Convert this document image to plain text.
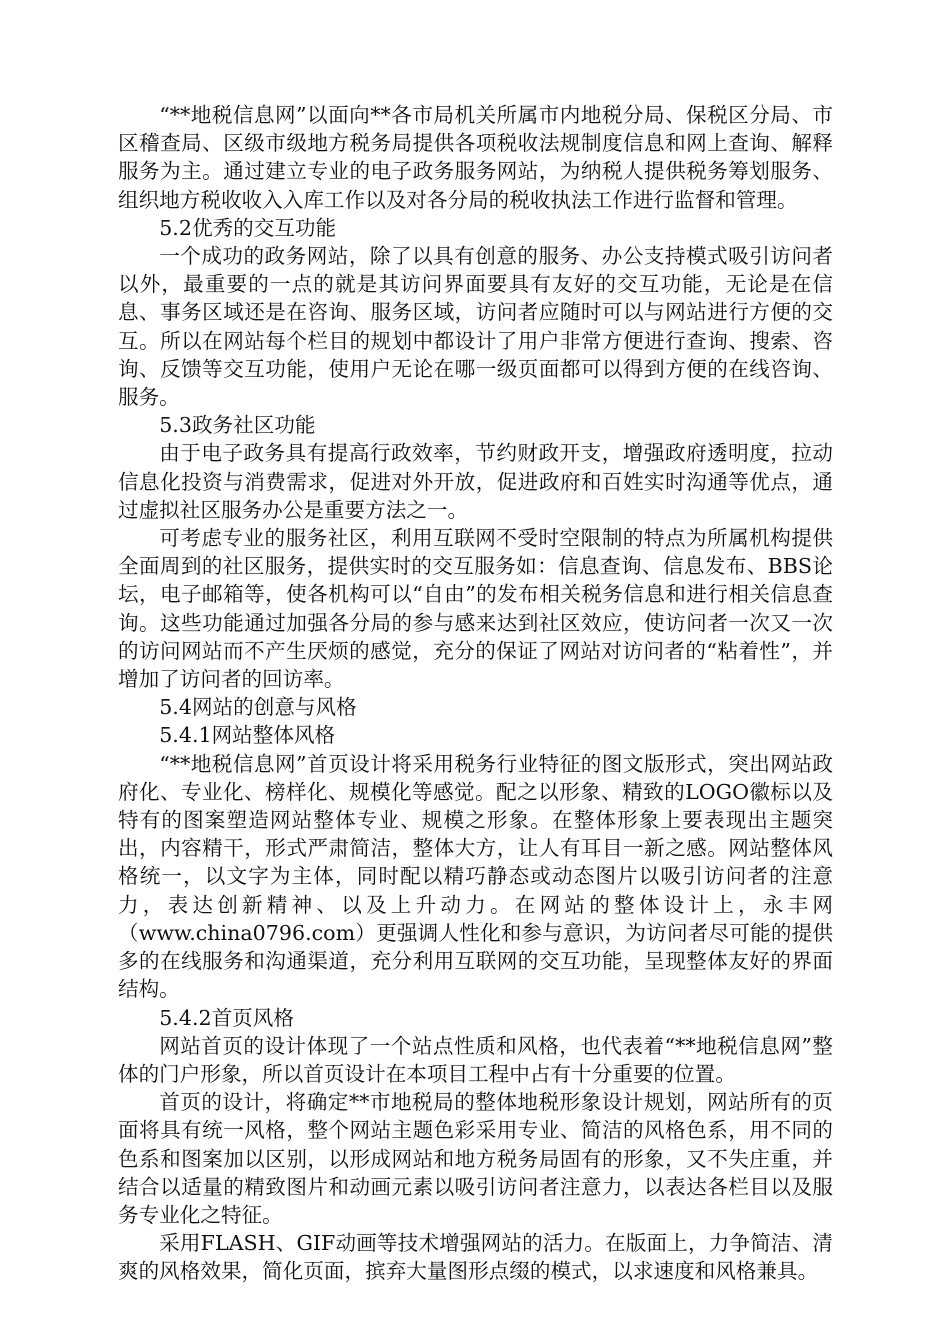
“**地税信息网”以面向**各市局机关所属市内地税分局、保税区分局、市区稽查局、区级市级地方税务局提供各项税收法规制度信息和网上查询、解释服务为主。通过建立专业的电子政务服务网站，为纳税人提供税务筹划服务、组织地方税收收入入库工作以及对各分局的税收执法工作进行监督和管理。

5.2优秀的交互功能

一个成功的政务网站，除了以具有创意的服务、办公支持模式吸引访问者以外，最重要的一点的就是其访问界面要具有友好的交互功能，无论是在信息、事务区域还是在咨询、服务区域，访问者应随时可以与网站进行方便的交互。所以在网站每个栏目的规划中都设计了用户非常方便进行查询、搜索、咨询、反馈等交互功能，使用户无论在哪一级页面都可以得到方便的在线咨询、服务。

5.3政务社区功能

由于电子政务具有提高行政效率，节约财政开支，增强政府透明度，拉动信息化投资与消费需求，促进对外开放，促进政府和百姓实时沟通等优点，通过虚拟社区服务办公是重要方法之一。

可考虑专业的服务社区，利用互联网不受时空限制的特点为所属机构提供全面周到的社区服务，提供实时的交互服务如：信息查询、信息发布、BBS论坛，电子邮箱等，使各机构可以“自由”的发布相关税务信息和进行相关信息查询。这些功能通过加强各分局的参与感来达到社区效应，使访问者一次又一次的访问网站而不产生厌烦的感觉，充分的保证了网站对访问者的“粘着性”，并增加了访问者的回访率。

5.4网站的创意与风格

5.4.1网站整体风格

“**地税信息网”首页设计将采用税务行业特征的图文版形式，突出网站政府化、专业化、榜样化、规模化等感觉。配之以形象、精致的LOGO徽标以及特有的图案塑造网站整体专业、规模之形象。在整体形象上要表现出主题突出，内容精干，形式严肃简洁，整体大方，让人有耳目一新之感。网站整体风格统一，以文字为主体，同时配以精巧静态或动态图片以吸引访问者的注意力，表达创新精神、以及上升动力。在网站的整体设计上，永丰网（www.china0796.com）更强调人性化和参与意识，为访问者尽可能的提供多的在线服务和沟通渠道，充分利用互联网的交互功能，呈现整体友好的界面结构。

5.4.2首页风格

网站首页的设计体现了一个站点性质和风格，也代表着“**地税信息网”整体的门户形象，所以首页设计在本项目工程中占有十分重要的位置。

首页的设计，将确定**市地税局的整体地税形象设计规划，网站所有的页面将具有统一风格，整个网站主题色彩采用专业、简洁的风格色系，用不同的色系和图案加以区别，以形成网站和地方税务局固有的形象，又不失庄重，并结合以适量的精致图片和动画元素以吸引访问者注意力，以表达各栏目以及服务专业化之特征。

采用FLASH、GIF动画等技术增强网站的活力。在版面上，力争简洁、清爽的风格效果，简化页面，摈弃大量图形点缀的模式，以求速度和风格兼具。
